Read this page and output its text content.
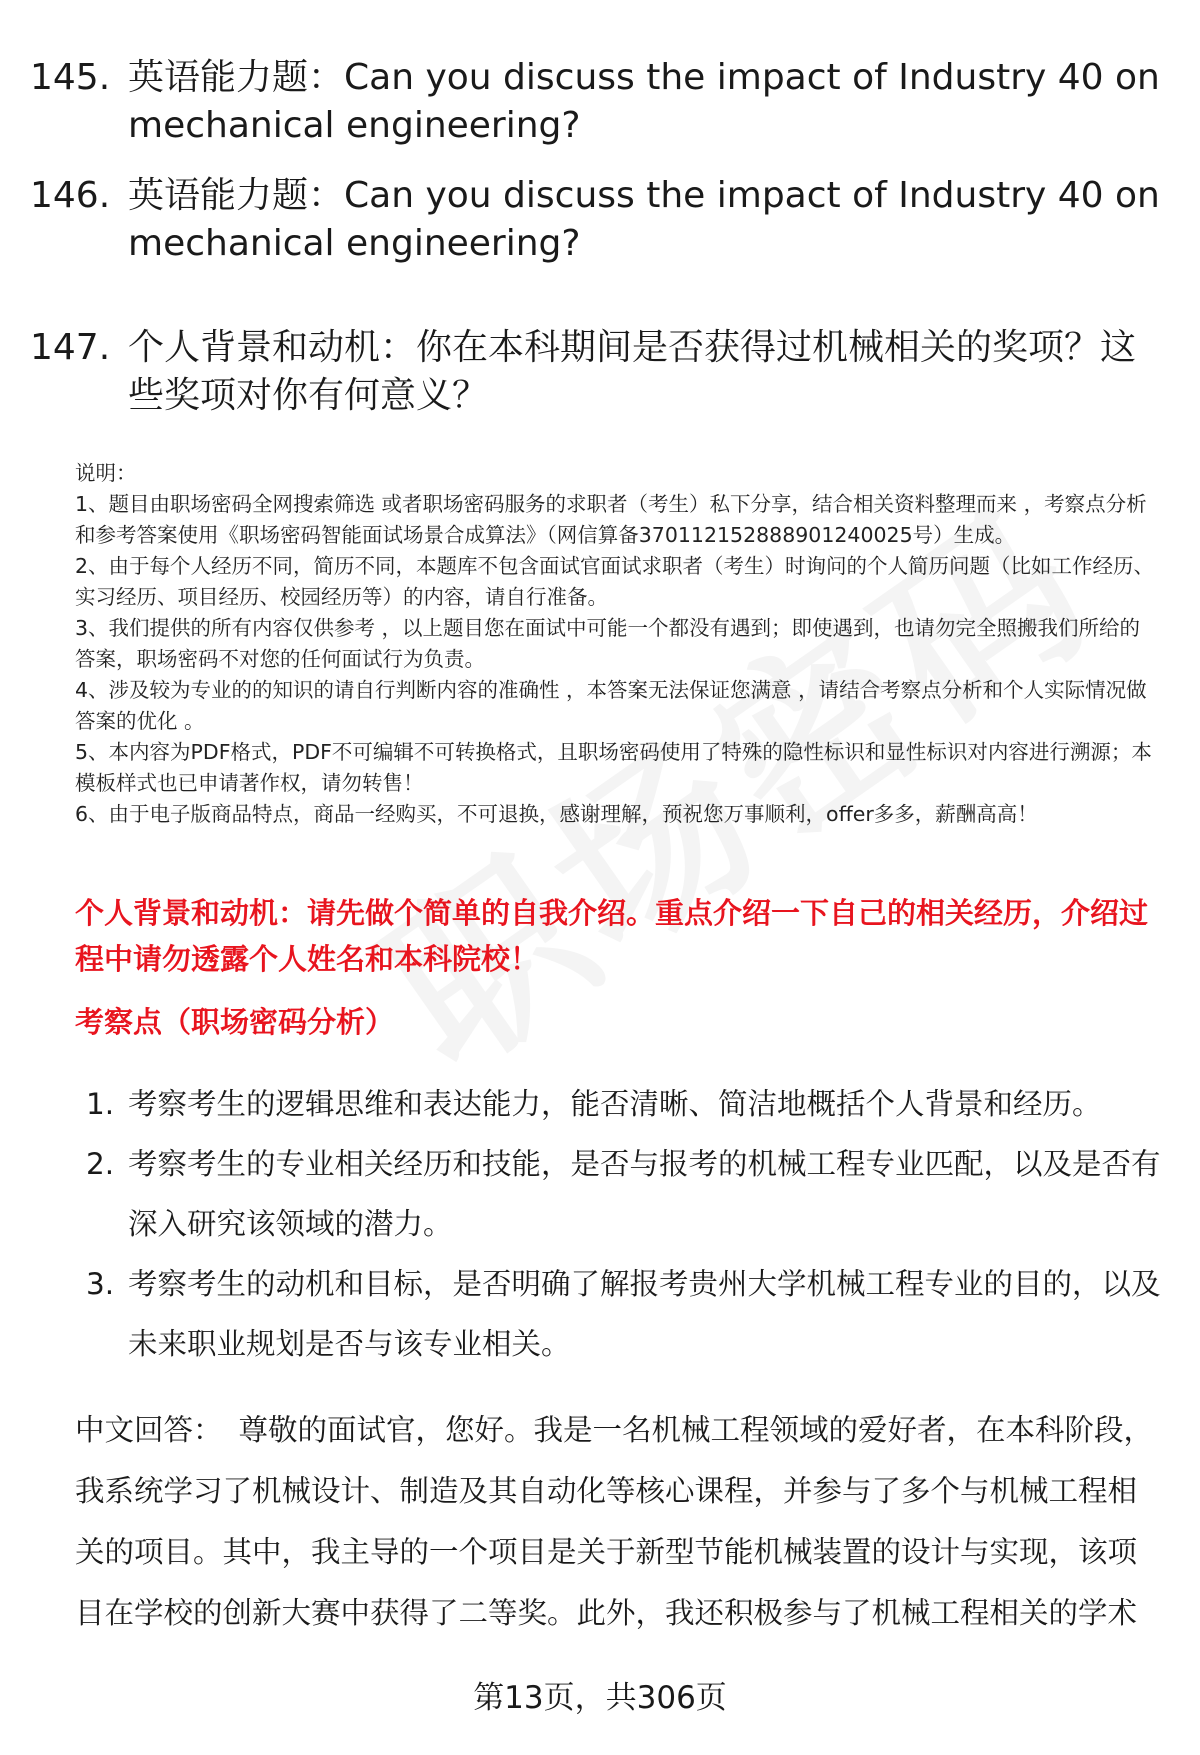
145. 英语能力题：Can you discuss the impact of Industry 40 on mechanical engineering?
146. 英语能力题：Can you discuss the impact of Industry 40 on mechanical engineering?
147. 个人背景和动机：你在本科期间是否获得过机械相关的奖项？这些奖项对你有何意义？

说明：

1、题目由职场密码全网搜索筛选 或者职场密码服务的求职者（考生）私下分享，结合相关资料整理而来 ，考察点分析和参考答案使用《职场密码智能面试场景合成算法》（网信算备370112152888901240025号）生成。

2、由于每个人经历不同，简历不同，本题库不包含面试官面试求职者（考生）时询问的个人简历问题（比如工作经历、实习经历、项目经历、校园经历等）的内容，请自行准备。

3、我们提供的所有内容仅供参考 ，以上题目您在面试中可能一个都没有遇到；即使遇到，也请勿完全照搬我们所给的答案，职场密码不对您的任何面试行为负责。

4、涉及较为专业的的知识的请自行判断内容的准确性 ，本答案无法保证您满意 ，请结合考察点分析和个人实际情况做答案的优化 。

5、本内容为PDF格式，PDF不可编辑不可转换格式，且职场密码使用了特殊的隐性标识和显性标识对内容进行溯源；本模板样式也已申请著作权，请勿转售！

6、由于电子版商品特点，商品一经购买，不可退换，感谢理解，预祝您万事顺利，offer多多，薪酬高高！

个人背景和动机：请先做个简单的自我介绍。重点介绍一下自己的相关经历，介绍过程中请勿透露个人姓名和本科院校！
考察点（职场密码分析）
1. 考察考生的逻辑思维和表达能力，能否清晰、简洁地概括个人背景和经历。
2. 考察考生的专业相关经历和技能，是否与报考的机械工程专业匹配，以及是否有深入研究该领域的潜力。
3. 考察考生的动机和目标，是否明确了解报考贵州大学机械工程专业的目的，以及未来职业规划是否与该专业相关。
中文回答： 尊敬的面试官，您好。我是一名机械工程领域的爱好者，在本科阶段，我系统学习了机械设计、制造及其自动化等核心课程，并参与了多个与机械工程相关的项目。其中，我主导的一个项目是关于新型节能机械装置的设计与实现，该项目在学校的创新大赛中获得了二等奖。此外，我还积极参与了机械工程相关的学术
第13页，共306页
